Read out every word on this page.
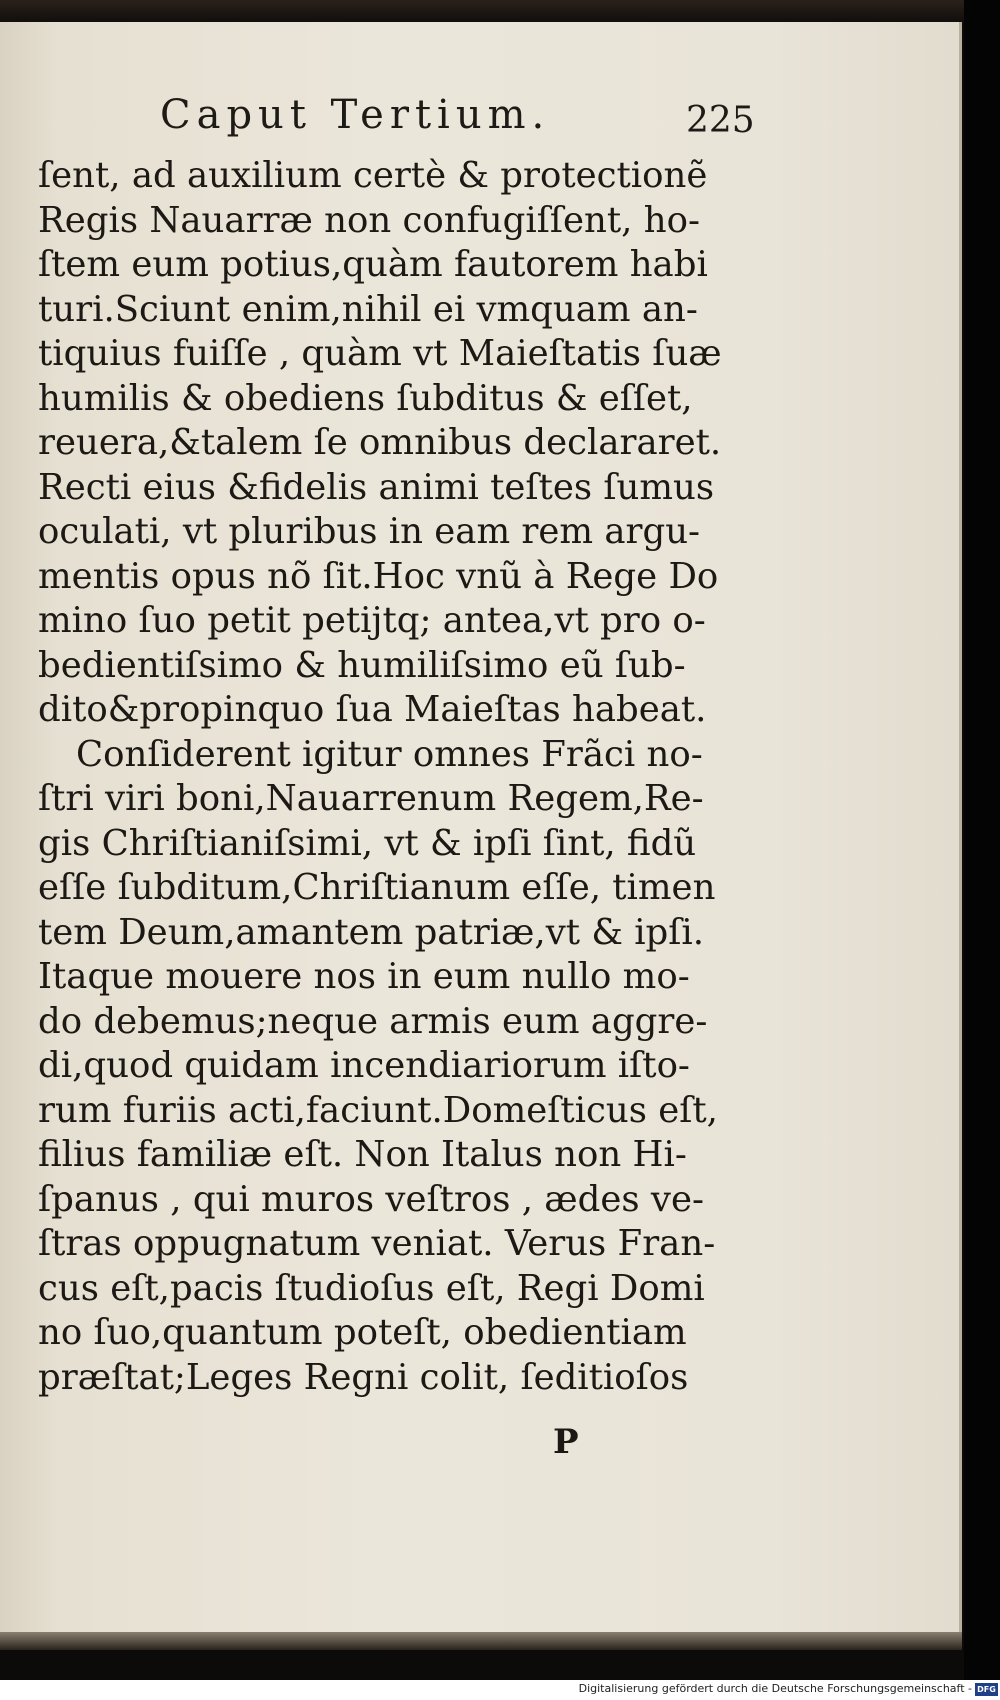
Caput Tertium.	225
ſent, ad auxilium certè & protectionẽ
Regis Nauarræ non confugiſſent, ho-
ſtem eum potius,quàm fautorem habi
turi.Sciunt enim,nihil ei vmquam an-
tiquius fuiſſe , quàm vt Maieſtatis ſuæ
humilis & obediens ſubditus & eſſet,
reuera,&talem ſe omnibus declararet.
Recti eius &fidelis animi teſtes ſumus
oculati, vt pluribus in eam rem argu-
mentis opus nõ ſit.Hoc vnũ à Rege Do
mino ſuo petit petijtq; antea,vt pro o-
bedientiſsimo & humiliſsimo eũ ſub-
dito&propinquo ſua Maieſtas habeat.
Conſiderent igitur omnes Frãci no-
ſtri viri boni,Nauarrenum Regem,Re-
gis Chriſtianiſsimi, vt & ipſi ſint, fidũ
eſſe ſubditum,Chriſtianum eſſe, timen
tem Deum,amantem patriæ,vt & ipſi.
Itaque mouere nos in eum nullo mo-
do debemus;neque armis eum aggre-
di,quod quidam incendiariorum iſto-
rum furiis acti,faciunt.Domeſticus eſt,
filius familiæ eſt. Non Italus non Hi-
ſpanus , qui muros veſtros , ædes ve-
ſtras oppugnatum veniat. Verus Fran-
cus eſt,pacis ſtudioſus eſt, Regi Domi
no ſuo,quantum poteſt, obedientiam
præſtat;Leges Regni colit, ſeditioſos
P
Digitalisierung gefördert durch die Deutsche Forschungsgemeinschaft - DFG
